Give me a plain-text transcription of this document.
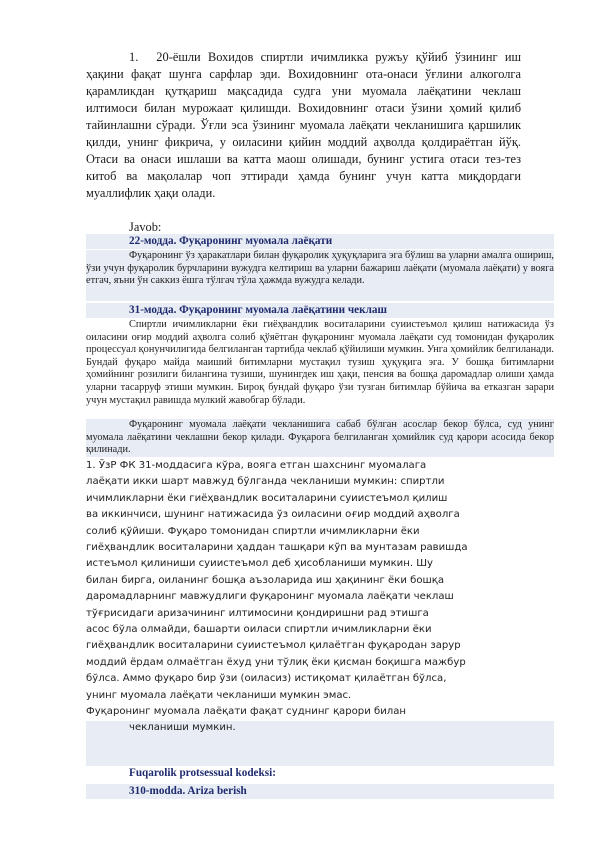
1. 20-ёшли Вохидов спиртли ичимликка ружъу қўйиб ўзининг иш ҳақини фақат шунга сарфлар эди. Вохидовнинг ота-онаси ўғлини алкоголга қарамликдан қутқариш мақсадида судга уни муомала лаёқатини чеклаш илтимоси билан мурожаат қилишди. Вохидовнинг отаси ўзини ҳомий қилиб тайинлашни сўради. Ўғли эса ўзининг муомала лаёқати чекланишига қаршилик қилди, унинг фикрича, у оиласини қийин моддий аҳволда қолдираётган йўқ. Отаси ва онаси ишлаши ва катта маош олишади, бунинг устига отаси тез-тез китоб ва мақолалар чоп эттиради ҳамда бунинг учун катта миқдордаги муаллифлик ҳақи олади.

Javob:

22-модда. Фуқаронинг муомала лаёқати

Фуқаронинг ўз ҳаракатлари билан фуқаролик ҳуқуқларига эга бўлиш ва уларни амалга ошириш, ўзи учун фуқаролик бурчларини вужудга келтириш ва уларни бажариш лаёқати (муомала лаёқати) у вояга етгач, яъни ўн саккиз ёшга тўлгач тўла ҳажмда вужудга келади.

31-модда. Фуқаронинг муомала лаёқатини чеклаш

Спиртли ичимликларни ёки гиёҳвандлик воситаларини суиистеъмол қилиш натижасида ўз оиласини оғир моддий аҳволга солиб қўяётган фуқаронинг муомала лаёқати суд томонидан фуқаролик процессуал қонунчилигида белгиланган тартибда чеклаб қўйилиши мумкин. Унга ҳомийлик белгиланади. Бундай фуқаро майда маиший битимларни мустақил тузиш ҳуқуқига эга. У бошқа битимларни ҳомийнинг розилиги билангина тузиши, шунингдек иш ҳақи, пенсия ва бошқа даромадлар олиши ҳамда уларни тасарруф этиши мумкин. Бироқ бундай фуқаро ўзи тузган битимлар бўйича ва етказган зарари учун мустақил равишда мулкий жавобгар бўлади.

Фуқаронинг муомала лаёқати чекланишига сабаб бўлган асослар бекор бўлса, суд унинг муомала лаёқатини чеклашни бекор қилади. Фуқарога белгиланган ҳомийлик суд қарори асосида бекор қилинади.

1. ЎзР ФК 31-моддасига кўра, вояга етган шахснинг муомалага
лаёқати икки шарт мавжуд бўлганда чекланиши мумкин: спиртли
ичимликларни ёки гиёҳвандлик воситаларини суиистеъмол қилиш
ва иккинчиси, шунинг натижасида ўз оиласини оғир моддий аҳволга
солиб қўйиши. Фуқаро томонидан спиртли ичимликларни ёки
гиёҳвандлик воситаларини ҳаддан ташқари кўп ва мунтазам равишда
истеъмол қилиниши суиистеъмол деб ҳисобланиши мумкин. Шу
билан бирга, оиланинг бошқа аъзоларида иш ҳақининг ёки бошқа
даромадларнинг мавжудлиги фуқаронинг муомала лаёқати чеклаш
тўғрисидаги аризачининг илтимосини қондиришни рад этишга
асос бўла олмайди, башарти оиласи спиртли ичимликларни ёки
гиёҳвандлик воситаларини суиистеъмол қилаётган фуқародан зарур
моддий ёрдам олмаётган ёхуд уни тўлиқ ёки қисман боқишга мажбур
бўлса. Аммо фуқаро бир ўзи (оиласиз) истиқомат қилаётган бўлса,
унинг муомала лаёқати чекланиши мумкин эмас.
Фуқаронинг муомала лаёқати фақат суднинг қарори билан
чекланиши мумкин.
Fuqarolik protsessual kodeksi:
310-modda. Ariza berish
